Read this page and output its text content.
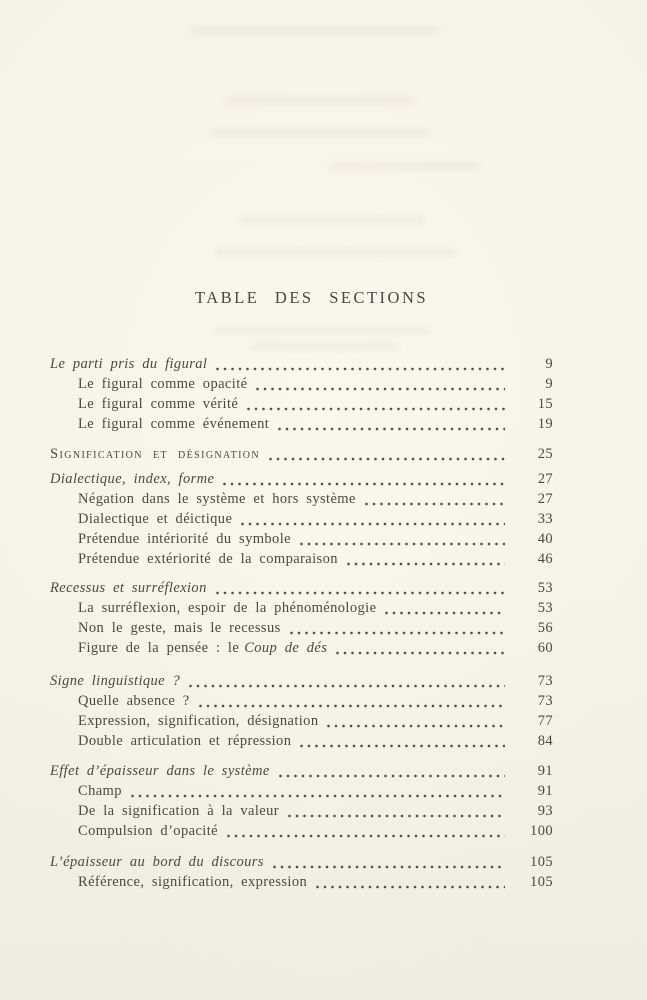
TABLE DES SECTIONS
Le parti pris du figural	9
Le figural comme opacité	9
Le figural comme vérité	15
Le figural comme événement	19
Signification et désignation	25
Dialectique, index, forme	27
Négation dans le système et hors système	27
Dialectique et déictique	33
Prétendue intériorité du symbole	40
Prétendue extériorité de la comparaison	46
Recessus et surréflexion	53
La surréflexion, espoir de la phénoménologie	53
Non le geste, mais le recessus	56
Figure de la pensée : le Coup de dés	60
Signe linguistique ?	73
Quelle absence ?	73
Expression, signification, désignation	77
Double articulation et répression	84
Effet d’épaisseur dans le système	91
Champ	91
De la signification à la valeur	93
Compulsion d’opacité	100
L’épaisseur au bord du discours	105
Référence, signification, expression	105
